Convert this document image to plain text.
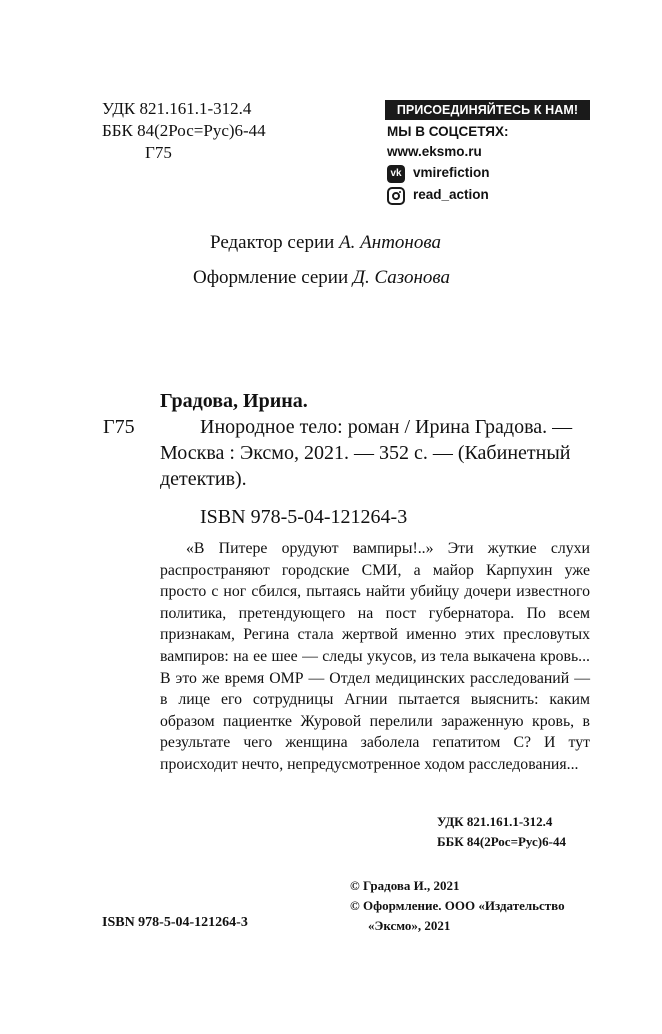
УДК 821.161.1-312.4
ББК 84(2Рос=Рус)6-44
Г75
ПРИСОЕДИНЯЙТЕСЬ К НАМ!
МЫ В СОЦСЕТЯХ:
www.eksmo.ru
vk vmirefiction
read_action
Редактор серии А. Антонова
Оформление серии Д. Сазонова
Градова, Ирина.
Г75	Инородное тело: роман / Ирина Градова. — Москва : Эксмо, 2021. — 352 с. — (Кабинетный детектив).
ISBN 978-5-04-121264-3
«В Питере орудуют вампиры!..» Эти жуткие слухи распространяют городские СМИ, а майор Карпухин уже просто с ног сбился, пытаясь найти убийцу дочери известного политика, претендующего на пост губернатора. По всем признакам, Регина стала жертвой именно этих пресловутых вампиров: на ее шее — следы укусов, из тела выкачена кровь... В это же время ОМР — Отдел медицинских расследований — в лице его сотрудницы Агнии пытается выяснить: каким образом пациентке Журовой перелили зараженную кровь, в результате чего женщина заболела гепатитом С? И тут происходит нечто, непредусмотренное ходом расследования...
УДК 821.161.1-312.4
ББК 84(2Рос=Рус)6-44
© Градова И., 2021
© Оформление. ООО «Издательство
«Эксмо», 2021
ISBN 978-5-04-121264-3
